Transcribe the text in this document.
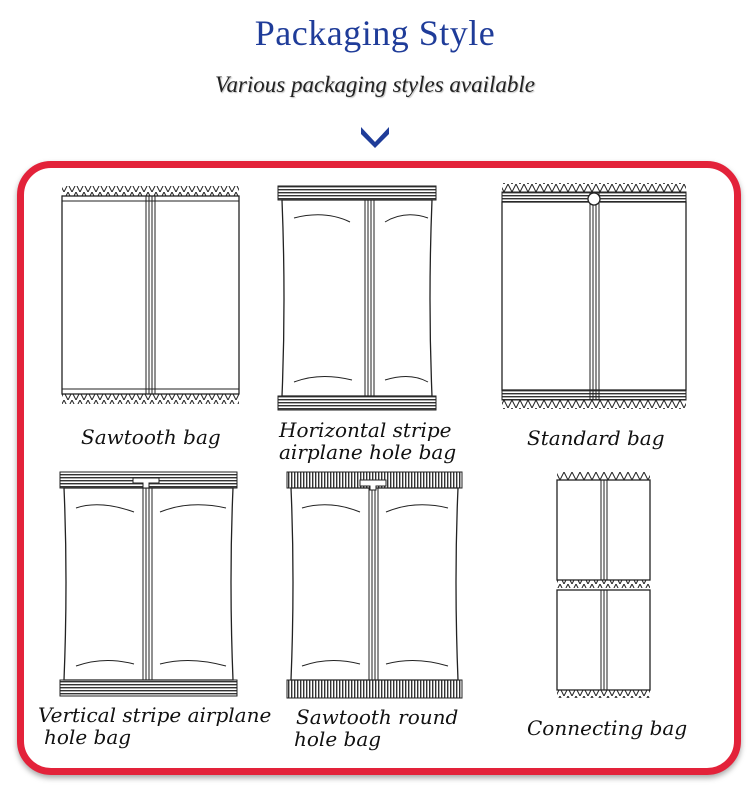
Packaging Style
Various packaging styles available
Sawtooth bag	Horizontal stripe
airplane hole bag
Standard bag
Vertical stripe airplane
hole bag
Sawtooth round
hole bag	Connecting bag
